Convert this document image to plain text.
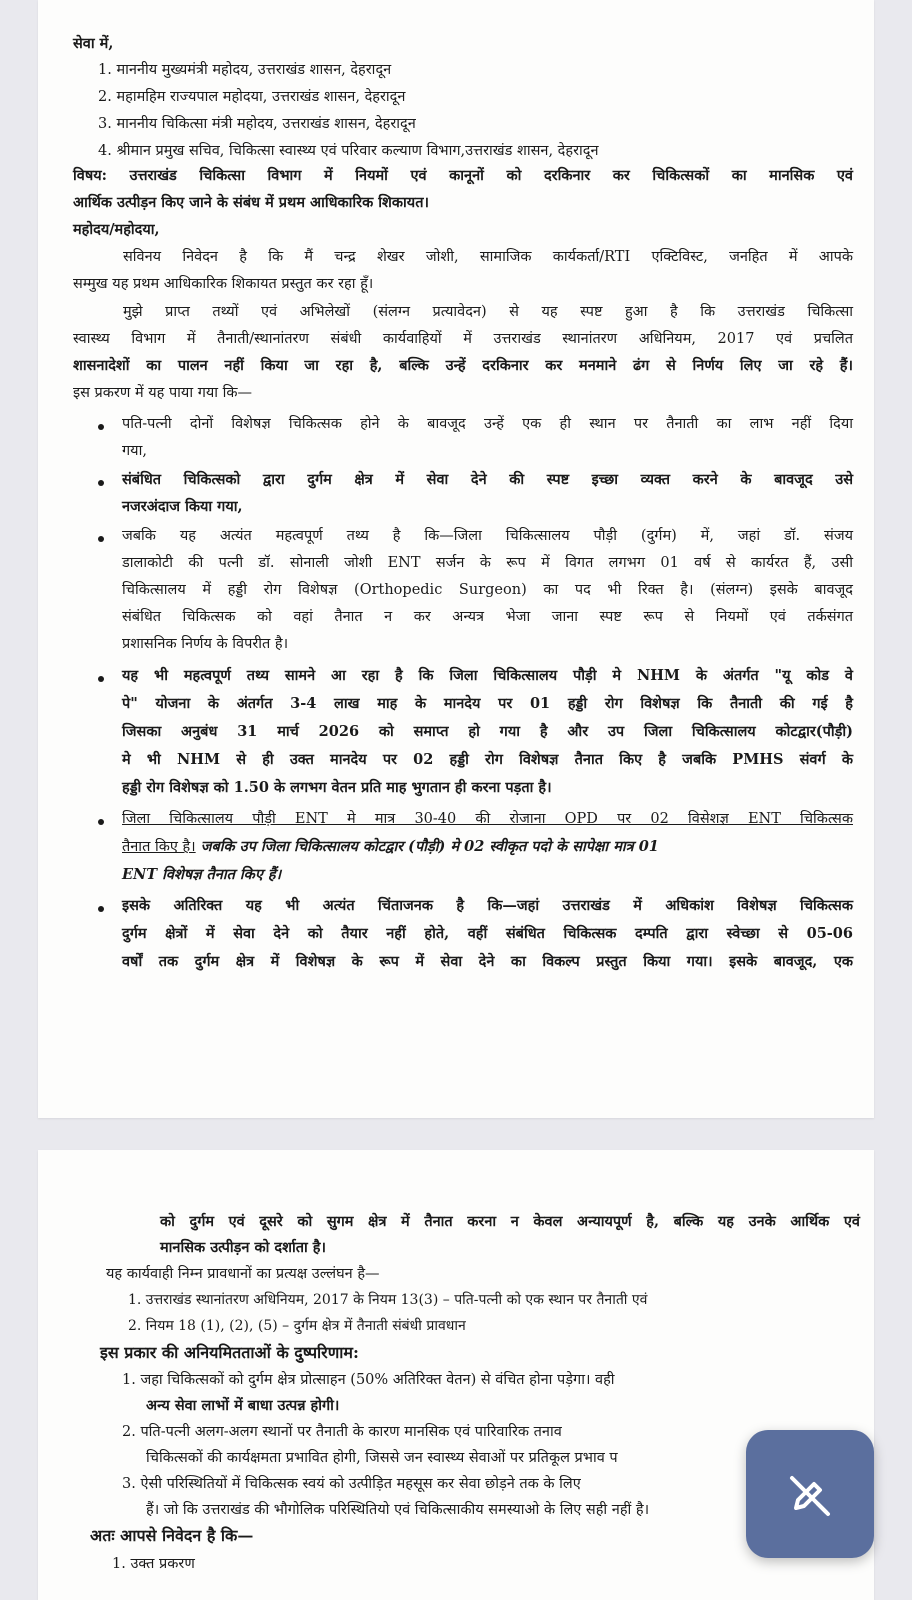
सेवा में,
1. माननीय मुख्यमंत्री महोदय, उत्तराखंड शासन, देहरादून
2. महामहिम राज्यपाल महोदया, उत्तराखंड शासन, देहरादून
3. माननीय चिकित्सा मंत्री महोदय, उत्तराखंड शासन, देहरादून
4. श्रीमान प्रमुख सचिव, चिकित्सा स्वास्थ्य एवं परिवार कल्याण विभाग,उत्तराखंड शासन, देहरादून
विषय: उत्तराखंड चिकित्सा विभाग में नियमों एवं कानूनों को दरकिनार कर चिकित्सकों का मानसिक एवं
आर्थिक उत्पीड़न किए जाने के संबंध में प्रथम आधिकारिक शिकायत।
महोदय/महोदया,
सविनय निवेदन है कि मैं चन्द्र शेखर जोशी, सामाजिक कार्यकर्ता/RTI एक्टिविस्ट, जनहित में आपके
सम्मुख यह प्रथम आधिकारिक शिकायत प्रस्तुत कर रहा हूँ।
मुझे प्राप्त तथ्यों एवं अभिलेखों (संलग्न प्रत्यावेदन) से यह स्पष्ट हुआ है कि उत्तराखंड चिकित्सा
स्वास्थ्य विभाग में तैनाती/स्थानांतरण संबंधी कार्यवाहियों में उत्तराखंड स्थानांतरण अधिनियम, 2017 एवं प्रचलित
शासनादेशों का पालन नहीं किया जा रहा है, बल्कि उन्हें दरकिनार कर मनमाने ढंग से निर्णय लिए जा रहे हैं।
इस प्रकरण में यह पाया गया कि—
पति-पत्नी दोनों विशेषज्ञ चिकित्सक होने के बावजूद उन्हें एक ही स्थान पर तैनाती का लाभ नहीं दिया
गया,
संबंधित चिकित्सको द्वारा दुर्गम क्षेत्र में सेवा देने की स्पष्ट इच्छा व्यक्त करने के बावजूद उसे
नजरअंदाज किया गया,
जबकि यह अत्यंत महत्वपूर्ण तथ्य है कि—जिला चिकित्सालय पौड़ी (दुर्गम) में, जहां डॉ. संजय
डालाकोटी की पत्नी डॉ. सोनाली जोशी ENT सर्जन के रूप में विगत लगभग 01 वर्ष से कार्यरत हैं, उसी
चिकित्सालय में हड्डी रोग विशेषज्ञ (Orthopedic Surgeon) का पद भी रिक्त है। (संलग्न) इसके बावजूद
संबंधित चिकित्सक को वहां तैनात न कर अन्यत्र भेजा जाना स्पष्ट रूप से नियमों एवं तर्कसंगत
प्रशासनिक निर्णय के विपरीत है।
यह भी महत्वपूर्ण तथ्य सामने आ रहा है कि जिला चिकित्सालय पौड़ी मे NHM के अंतर्गत "यू कोड वे
पे" योजना के अंतर्गत 3-4 लाख माह के मानदेय पर 01 हड्डी रोग विशेषज्ञ कि तैनाती की गई है
जिसका अनुबंध 31 मार्च 2026 को समाप्त हो गया है और उप जिला चिकित्सालय कोटद्वार(पौड़ी)
मे भी NHM से ही उक्त मानदेय पर 02 हड्डी रोग विशेषज्ञ तैनात किए है जबकि PMHS संवर्ग के
हड्डी रोग विशेषज्ञ को 1.50 के लगभग वेतन प्रति माह भुगतान ही करना पड़ता है।
जिला चिकित्सालय पौड़ी ENT मे मात्र 30-40 की रोजाना OPD पर 02 विसेशज्ञ ENT चिकित्सक
तैनात किए है। जबकि उप जिला चिकित्सालय कोटद्वार (पौड़ी) मे 02 स्वीकृत पदो के सापेक्षा मात्र 01
ENT विशेषज्ञ तैनात किए हैं।
इसके अतिरिक्त यह भी अत्यंत चिंताजनक है कि—जहां उत्तराखंड में अधिकांश विशेषज्ञ चिकित्सक
दुर्गम क्षेत्रों में सेवा देने को तैयार नहीं होते, वहीं संबंधित चिकित्सक दम्पति द्वारा स्वेच्छा से 05-06
वर्षों तक दुर्गम क्षेत्र में विशेषज्ञ के रूप में सेवा देने का विकल्प प्रस्तुत किया गया। इसके बावजूद, एक
को दुर्गम एवं दूसरे को सुगम क्षेत्र में तैनात करना न केवल अन्यायपूर्ण है, बल्कि यह उनके आर्थिक एवं
मानसिक उत्पीड़न को दर्शाता है।
यह कार्यवाही निम्न प्रावधानों का प्रत्यक्ष उल्लंघन है—
1. उत्तराखंड स्थानांतरण अधिनियम, 2017 के नियम 13(3) – पति-पत्नी को एक स्थान पर तैनाती एवं
2. नियम 18 (1), (2), (5) – दुर्गम क्षेत्र में तैनाती संबंधी प्रावधान
इस प्रकार की अनियमितताओं के दुष्परिणाम:
1. जहा चिकित्सकों को दुर्गम क्षेत्र प्रोत्साहन (50% अतिरिक्त वेतन) से वंचित होना पड़ेगा। वही
अन्य सेवा लाभों में बाधा उत्पन्न होगी।
2. पति-पत्नी अलग-अलग स्थानों पर तैनाती के कारण मानसिक एवं पारिवारिक तनाव
चिकित्सकों की कार्यक्षमता प्रभावित होगी, जिससे जन स्वास्थ्य सेवाओं पर प्रतिकूल प्रभाव प
3. ऐसी परिस्थितियों में चिकित्सक स्वयं को उत्पीड़ित महसूस कर सेवा छोड़ने तक के लिए
हैं। जो कि उत्तराखंड की भौगोलिक परिस्थितियो एवं चिकित्साकीय समस्याओ के लिए सही नहीं है।
अतः आपसे निवेदन है कि—
1. उक्त प्रकरण
